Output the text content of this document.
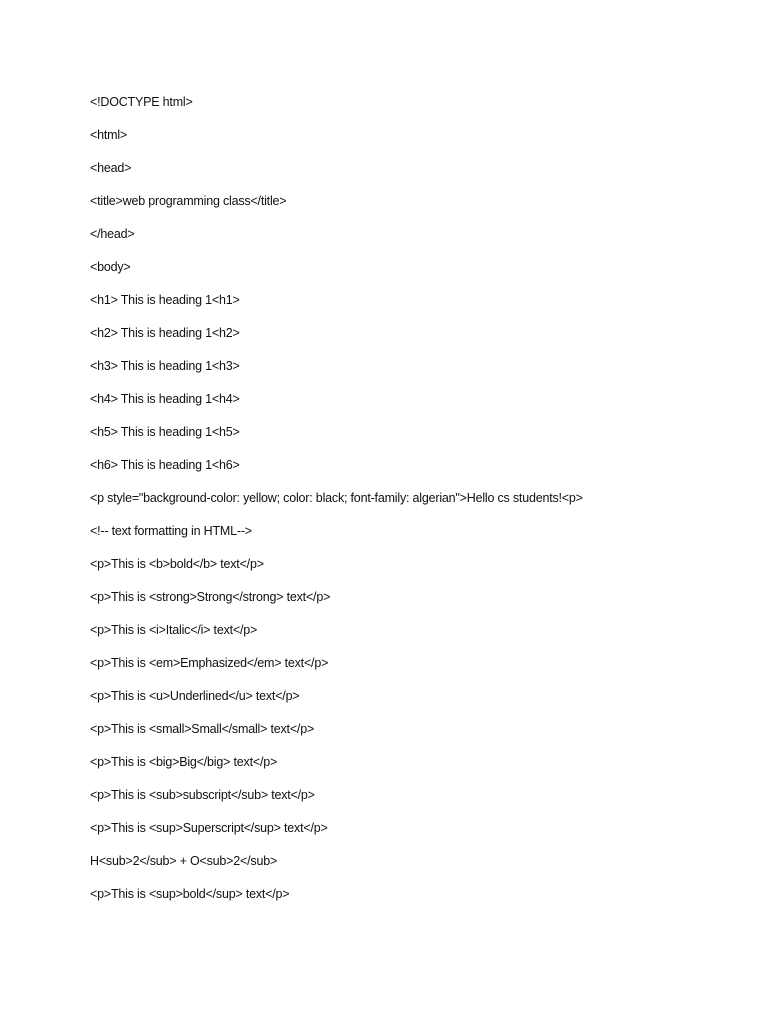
<!DOCTYPE html>
<html>
<head>
<title>web programming class</title>
</head>
<body>
<h1> This is heading 1<h1>
<h2> This is heading 1<h2>
<h3> This is heading 1<h3>
<h4> This is heading 1<h4>
<h5> This is heading 1<h5>
<h6> This is heading 1<h6>
<p style="background-color: yellow; color: black; font-family: algerian">Hello cs students!<p>
<!-- text formatting in HTML-->
<p>This is <b>bold</b> text</p>
<p>This is <strong>Strong</strong> text</p>
<p>This is <i>Italic</i> text</p>
<p>This is <em>Emphasized</em> text</p>
<p>This is <u>Underlined</u> text</p>
<p>This is <small>Small</small> text</p>
<p>This is <big>Big</big> text</p>
<p>This is <sub>subscript</sub> text</p>
<p>This is <sup>Superscript</sup> text</p>
H<sub>2</sub> + O<sub>2</sub>
<p>This is <sup>bold</sup> text</p>
